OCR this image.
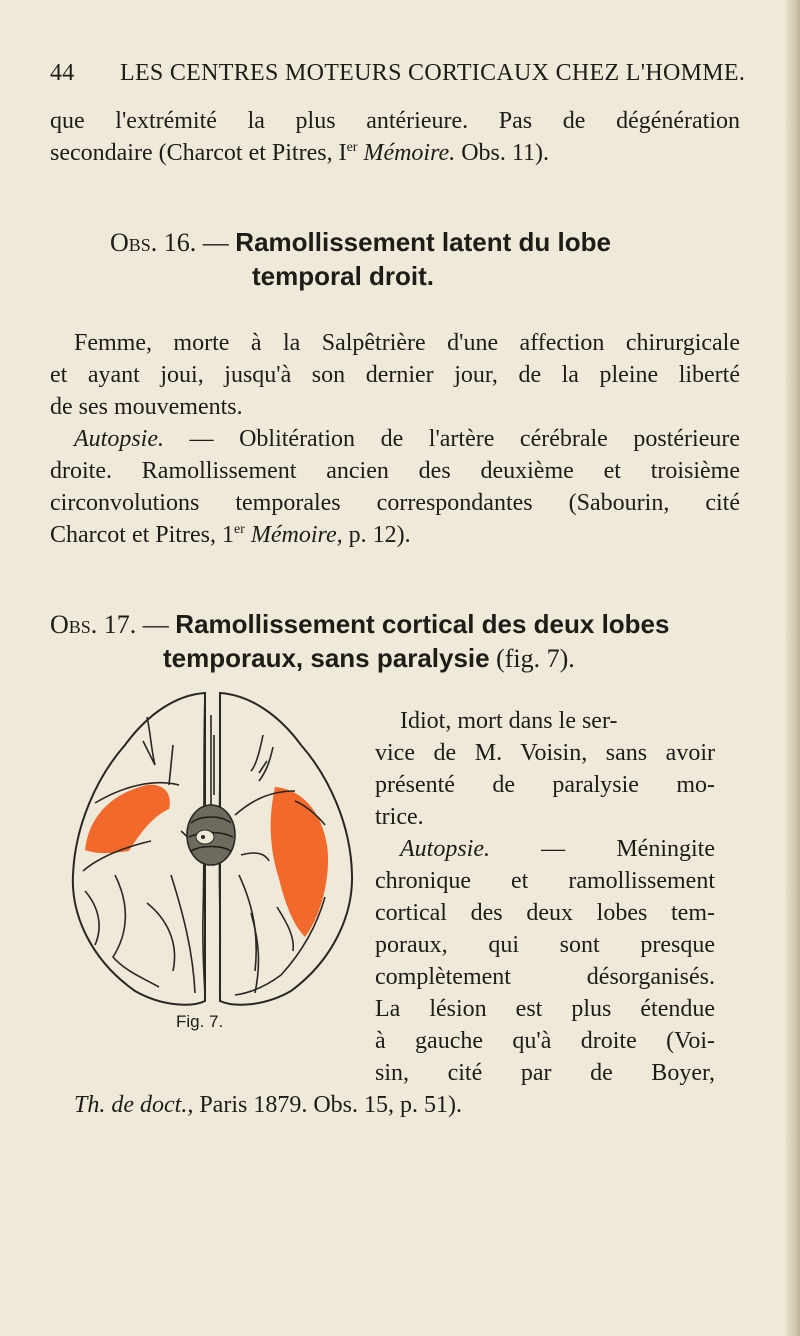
44 LES CENTRES MOTEURS CORTICAUX CHEZ L'HOMME.
que l'extrémité la plus antérieure. Pas de dégénération
secondaire (Charcot et Pitres, Ier Mémoire. Obs. 11).
Obs. 16. — Ramollissement latent du lobe
temporal droit.
Femme, morte à la Salpêtrière d'une affection chirurgicale
et ayant joui, jusqu'à son dernier jour, de la pleine liberté
de ses mouvements.
Autopsie. — Oblitération de l'artère cérébrale postérieure
droite. Ramollissement ancien des deuxième et troisième
circonvolutions temporales correspondantes (Sabourin, cité
Charcot et Pitres, 1er Mémoire, p. 12).
Obs. 17. — Ramollissement cortical des deux lobes
temporaux, sans paralysie (fig. 7).
Fig. 7.
Idiot, mort dans le ser-
vice de M. Voisin, sans avoir
présenté de paralysie mo-
trice.
Autopsie. — Méningite
chronique et ramollissement
cortical des deux lobes tem-
poraux, qui sont presque
complètement désorganisés.
La lésion est plus étendue
à gauche qu'à droite (Voi-
sin, cité par de Boyer,
Th. de doct., Paris 1879. Obs. 15, p. 51).
